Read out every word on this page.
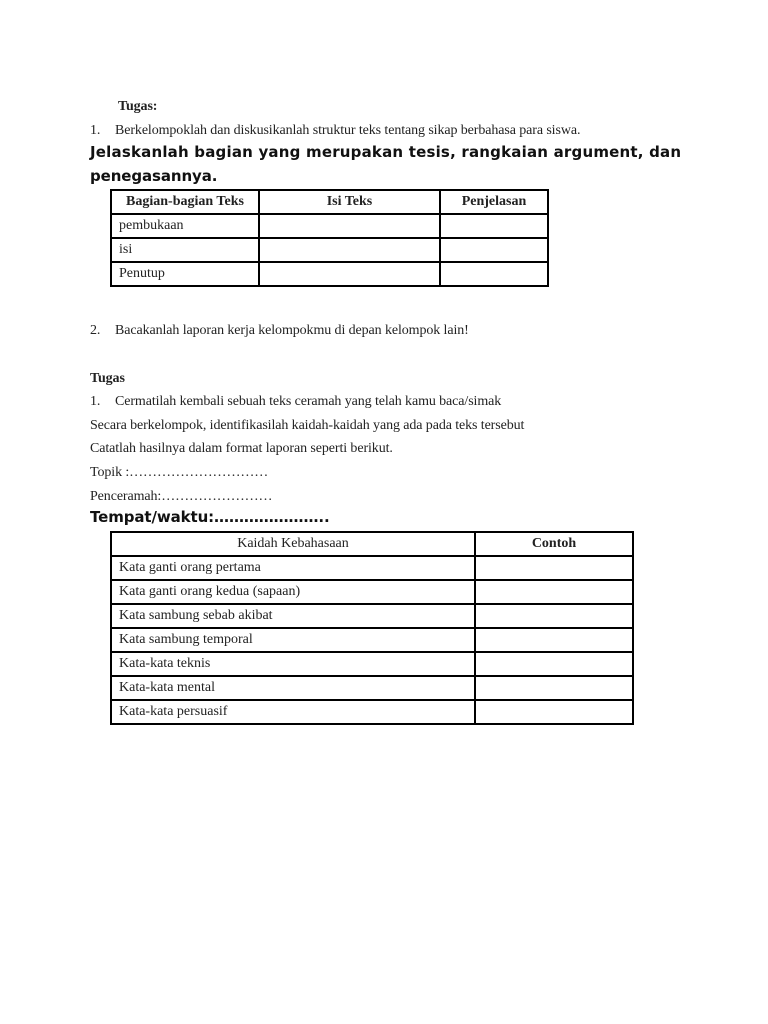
Tugas:
1. Berkelompoklah dan diskusikanlah struktur teks tentang sikap berbahasa para siswa.
Jelaskanlah bagian yang merupakan tesis, rangkaian argument, dan
penegasannya.
Bagian-bagian Teks	Isi Teks	Penjelasan
pembukaan		
isi		
Penutup		
2. Bacakanlah laporan kerja kelompokmu di depan kelompok lain!
Tugas
1. Cermatilah kembali sebuah teks ceramah yang telah kamu baca/simak
Secara berkelompok, identifikasilah kaidah-kaidah yang ada pada teks tersebut
Catatlah hasilnya dalam format laporan seperti berikut.
Topik :…………………………
Penceramah:……………………
Tempat/waktu:…………………..
Kaidah Kebahasaan	Contoh
Kata ganti orang pertama	
Kata ganti orang kedua (sapaan)	
Kata sambung sebab akibat	
Kata sambung temporal	
Kata-kata teknis	
Kata-kata mental	
Kata-kata persuasif	
